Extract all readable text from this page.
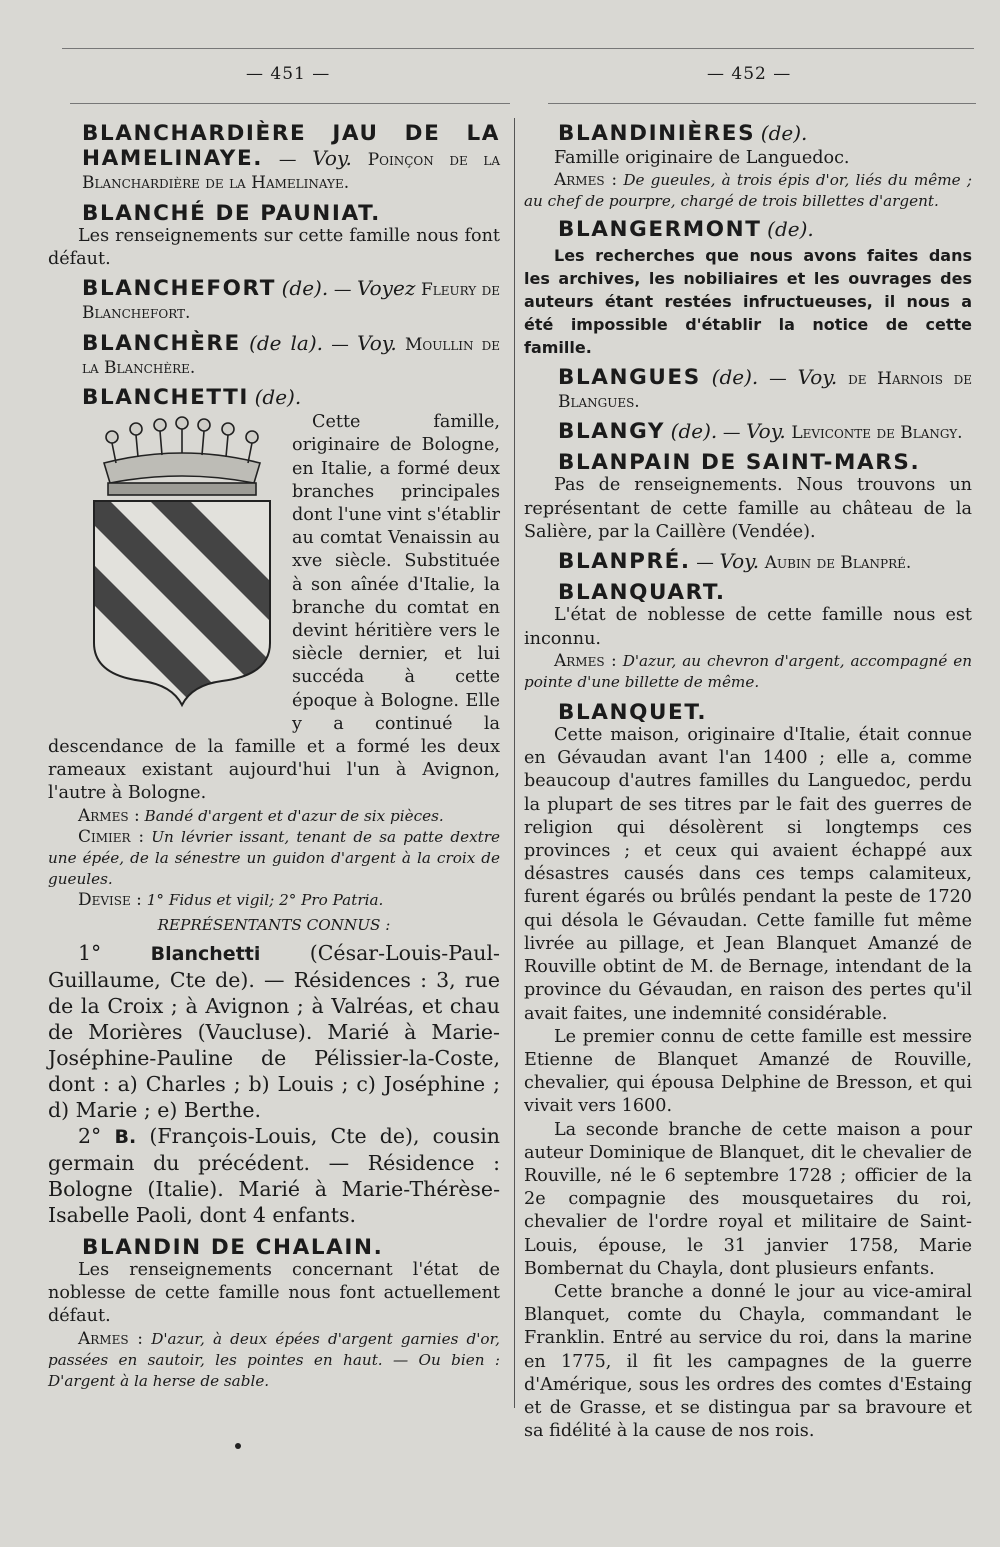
— 451 —	— 452 —
BLANCHARDIÈRE JAU DE LA HAMELINAYE. — Voy. Poinçon de la Blanchardière de la Hamelinaye.
BLANCHÉ DE PAUNIAT.

Les renseignements sur cette famille nous font défaut.

BLANCHEFORT (de). — Voyez Fleury de Blanchefort.
BLANCHÈRE (de la). — Voy. Moullin de la Blanchère.
BLANCHETTI (de).

Cette famille, originaire de Bologne, en Italie, a formé deux branches principales dont l'une vint s'établir au comtat Venaissin au xve siècle. Substituée à son aînée d'Italie, la branche du comtat en devint héritière vers le siècle dernier, et lui succéda à cette époque à Bologne. Elle y a continué la descendance de la famille et a formé les deux rameaux existant aujourd'hui l'un à Avignon, l'autre à Bologne.

Armes : Bandé d'argent et d'azur de six pièces.

Cimier : Un lévrier issant, tenant de sa patte dextre une épée, de la sénestre un guidon d'argent à la croix de gueules.

Devise : 1° Fidus et vigil; 2° Pro Patria.

REPRÉSENTANTS CONNUS :

1°	Blanchetti (César-Louis-Paul-Guillaume, Cte de). — Résidences : 3, rue de la Croix ; à Avignon ; à Valréas, et chau de Morières (Vaucluse). Marié à Marie-Joséphine-Pauline de Pélissier-la-Coste, dont : a) Charles ; b) Louis ; c) Joséphine ; d) Marie ; e) Berthe.

2° B. (François-Louis, Cte de), cousin germain du précédent. — Résidence : Bologne (Italie). Marié à Marie-Thérèse-Isabelle Paoli, dont 4 enfants.

BLANDIN DE CHALAIN.

Les renseignements concernant l'état de noblesse de cette famille nous font actuellement défaut.

Armes : D'azur, à deux épées d'argent garnies d'or, passées en sautoir, les pointes en haut. — Ou bien : D'argent à la herse de sable.

BLANDINIÈRES (de).

Famille originaire de Languedoc.

Armes : De gueules, à trois épis d'or, liés du même ; au chef de pourpre, chargé de trois billettes d'argent.

BLANGERMONT (de).

Les recherches que nous avons faites dans les archives, les nobiliaires et les ouvrages des auteurs étant restées infructueuses, il nous a été impossible d'établir la notice de cette famille.

BLANGUES (de). — Voy. de Harnois de Blangues.
BLANGY (de). — Voy. Leviconte de Blangy.
BLANPAIN DE SAINT-MARS.

Pas de renseignements. Nous trouvons un représentant de cette famille au château de la Salière, par la Caillère (Vendée).

BLANPRÉ. — Voy. Aubin de Blanpré.
BLANQUART.

L'état de noblesse de cette famille nous est inconnu.

Armes : D'azur, au chevron d'argent, accompagné en pointe d'une billette de même.

BLANQUET.

Cette maison, originaire d'Italie, était connue en Gévaudan avant l'an 1400 ; elle a, comme beaucoup d'autres familles du Languedoc, perdu la plupart de ses titres par le fait des guerres de religion qui désolèrent si longtemps ces provinces ; et ceux qui avaient échappé aux désastres causés dans ces temps calamiteux, furent égarés ou brûlés pendant la peste de 1720 qui désola le Gévaudan. Cette famille fut même livrée au pillage, et Jean Blanquet Amanzé de Rouville obtint de M. de Bernage, intendant de la province du Gévaudan, en raison des pertes qu'il avait faites, une indemnité considérable.

Le premier connu de cette famille est messire Etienne de Blanquet Amanzé de Rouville, chevalier, qui épousa Delphine de Bresson, et qui vivait vers 1600.

La seconde branche de cette maison a pour auteur Dominique de Blanquet, dit le chevalier de Rouville, né le 6 septembre 1728 ; officier de la 2e compagnie des mousquetaires du roi, chevalier de l'ordre royal et militaire de Saint-Louis, épouse, le 31 janvier 1758, Marie Bombernat du Chayla, dont plusieurs enfants.

Cette branche a donné le jour au vice-amiral Blanquet, comte du Chayla, commandant le Franklin. Entré au service du roi, dans la marine en 1775, il fit les campagnes de la guerre d'Amérique, sous les ordres des comtes d'Estaing et de Grasse, et se distingua par sa bravoure et sa fidélité à la cause de nos rois.
